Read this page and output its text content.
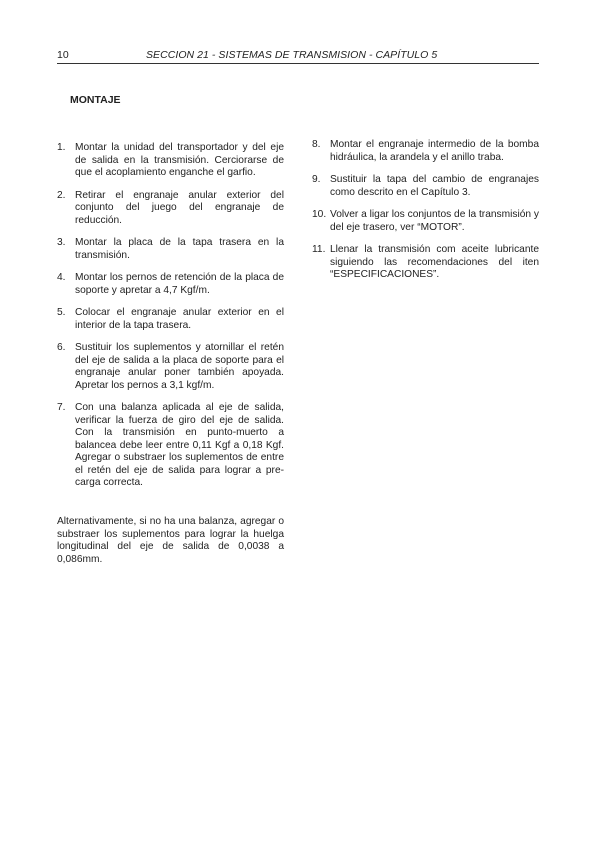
10	SECCION 21 - SISTEMAS DE TRANSMISION - CAPÍTULO 5
MONTAJE
1. Montar la unidad del transportador y del eje de salida en la transmisión. Cerciorarse de que el acoplamiento enganche el garfio.
2. Retirar el engranaje anular exterior del conjunto del juego del engranaje de reducción.
3. Montar la placa de la tapa trasera en la transmisión.
4. Montar los pernos de retención de la placa de soporte y apretar a 4,7 Kgf/m.
5. Colocar el engranaje anular exterior en el interior de la tapa trasera.
6. Sustituir los suplementos y atornillar el retén del eje de salida a la placa de soporte para el engranaje anular poner también apoyada. Apretar los pernos a 3,1 kgf/m.
7. Con una balanza aplicada al eje de salida, verificar la fuerza de giro del eje de salida. Con la transmisión en punto-muerto a balancea debe leer entre 0,11 Kgf a 0,18 Kgf. Agregar o substraer los suplementos de entre el retén del eje de salida para lograr a pre-carga correcta.
Alternativamente, si no ha una balanza, agregar o substraer los suplementos para lograr la huelga longitudinal del eje de salida de 0,0038 a 0,086mm.
8. Montar el engranaje intermedio de la bomba hidráulica, la arandela y el anillo traba.
9. Sustituir la tapa del cambio de engranajes como descrito en el Capítulo 3.
10. Volver a ligar los conjuntos de la transmisión y del eje trasero, ver “MOTOR”.
11. Llenar la transmisión com aceite lubricante siguiendo las recomendaciones del iten “ESPECIFICACIONES”.
